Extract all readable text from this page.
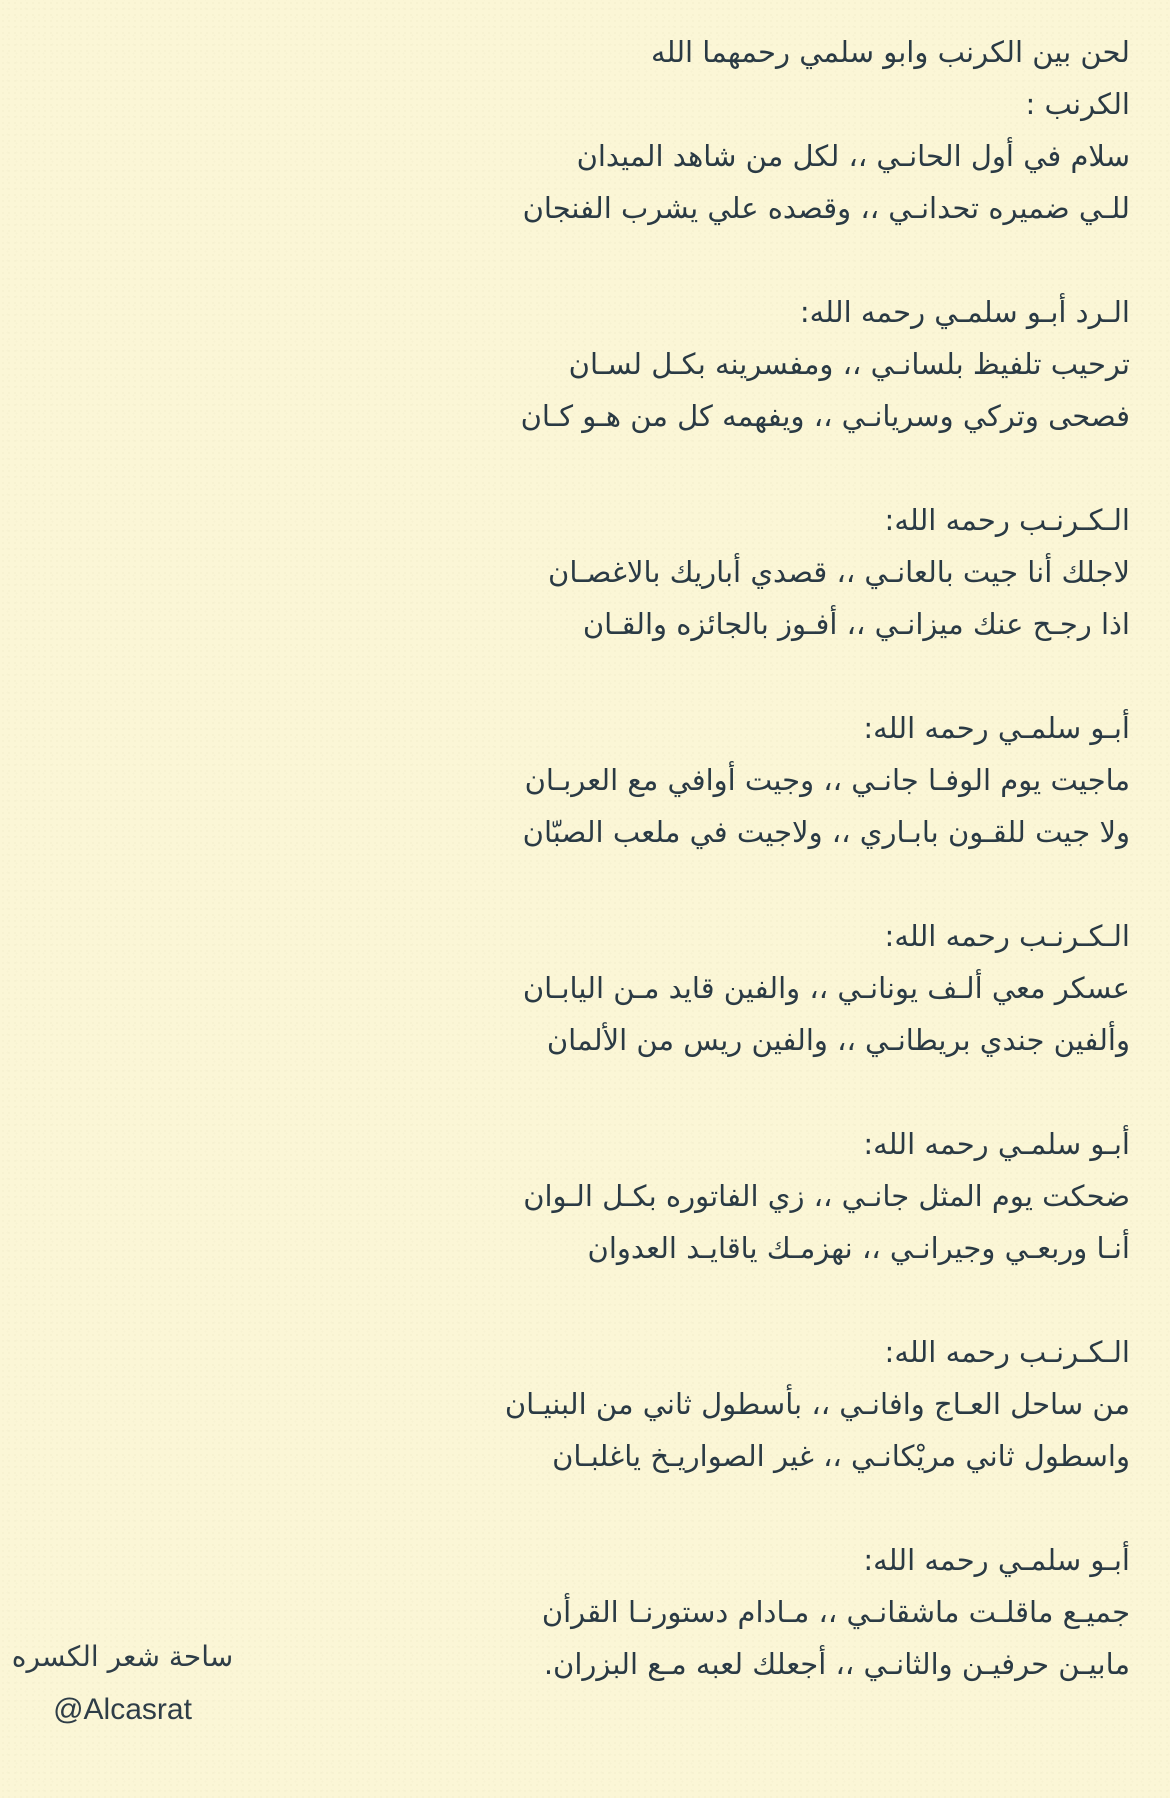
لحن بين الكرنب وابو سلمي رحمهما الله
الكرنب :
سلام في أول الحانـي ،، لكل من شاهد الميدان
للـي ضميره تحدانـي ،، وقصده علي يشرب الفنجان
الـرد أبـو سلمـي رحمه الله:
ترحيب تلفيظ بلسانـي ،، ومفسرينه بكـل لسـان
فصحى وتركي وسريانـي ،، ويفهمه كل من هـو كـان
الـكـرنـب رحمه الله:
لاجلك أنا جيت بالعانـي ،، قصدي أباريك بالاغصـان
اذا رجـح عنك ميزانـي ،، أفـوز بالجائزه والقـان
أبـو سلمـي رحمه الله:
ماجيت يوم الوفـا جانـي ،، وجيت أوافي مع العربـان
ولا جيت للقـون بابـاري ،، ولاجيت في ملعب الصبّان
الـكـرنـب رحمه الله:
عسكر معي ألـف يونانـي ،، والفين قايد مـن اليابـان
وألفين جندي بريطانـي ،، والفين ريس من الألمان
أبـو سلمـي رحمه الله:
ضحكت يوم المثل جانـي ،، زي الفاتوره بكـل الـوان
أنـا وربعـي وجيرانـي ،، نهزمـك ياقايـد العدوان
الـكـرنـب رحمه الله:
من ساحل العـاج وافانـي ،، بأسطول ثاني من البنيـان
واسطول ثاني مريْكانـي ،، غير الصواريـخ ياغلبـان
أبـو سلمـي رحمه الله:
جميـع ماقلـت ماشقانـي ،، مـادام دستورنـا القرأن
مابيـن حرفيـن والثانـي ،، أجعلك لعبه مـع البزران.
ساحة شعر الكسره
@Alcasrat
